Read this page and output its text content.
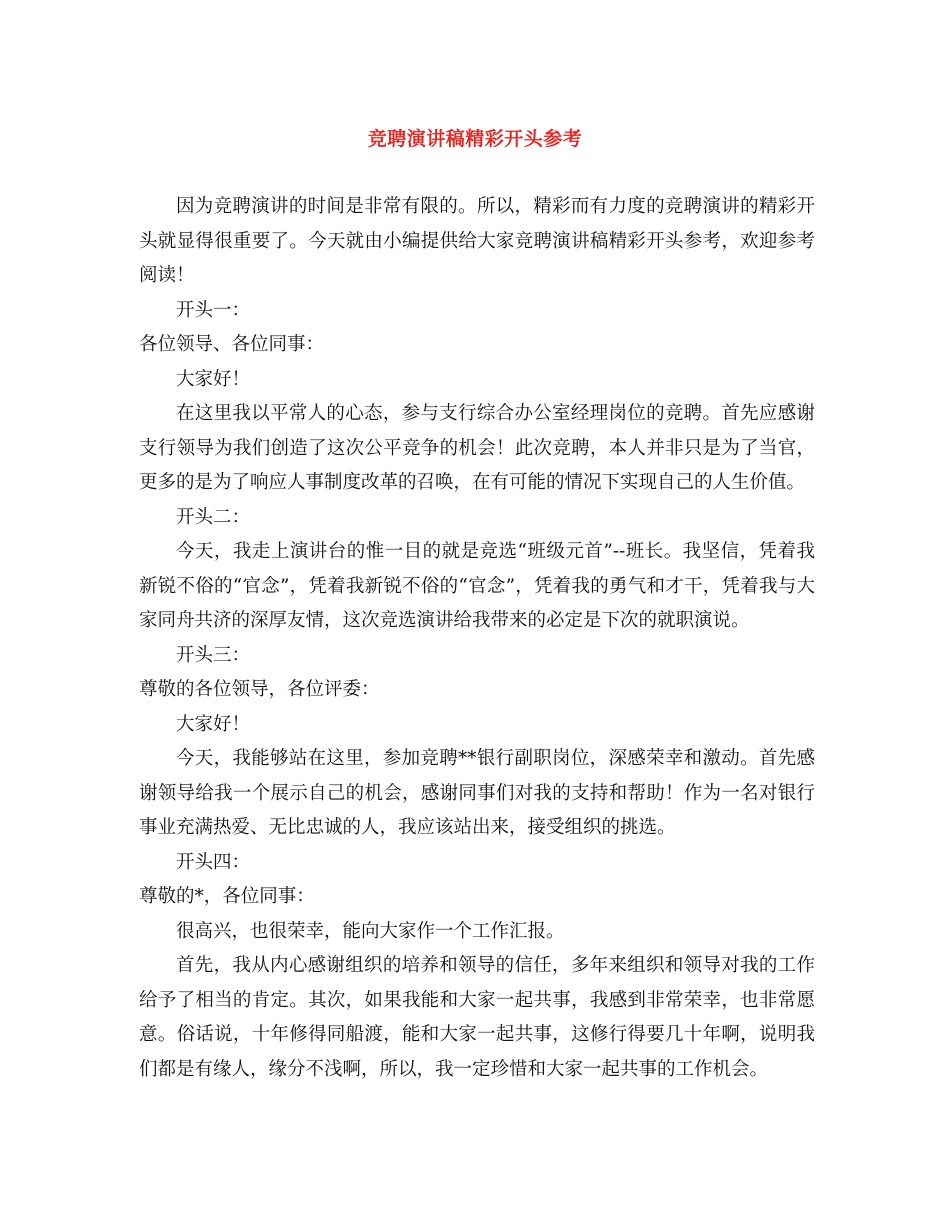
竞聘演讲稿精彩开头参考

因为竞聘演讲的时间是非常有限的。所以，精彩而有力度的竞聘演讲的精彩开头就显得很重要了。今天就由小编提供给大家竞聘演讲稿精彩开头参考，欢迎参考阅读！

开头一：

各位领导、各位同事：

大家好！

在这里我以平常人的心态，参与支行综合办公室经理岗位的竞聘。首先应感谢支行领导为我们创造了这次公平竞争的机会！此次竞聘，本人并非只是为了当官，更多的是为了响应人事制度改革的召唤，在有可能的情况下实现自己的人生价值。

开头二：

今天，我走上演讲台的惟一目的就是竞选“班级元首”--班长。我坚信，凭着我新锐不俗的“官念”，凭着我新锐不俗的“官念”，凭着我的勇气和才干，凭着我与大家同舟共济的深厚友情，这次竞选演讲给我带来的必定是下次的就职演说。

开头三：

尊敬的各位领导，各位评委：

大家好！

今天，我能够站在这里，参加竞聘**银行副职岗位，深感荣幸和激动。首先感谢领导给我一个展示自己的机会，感谢同事们对我的支持和帮助！作为一名对银行事业充满热爱、无比忠诚的人，我应该站出来，接受组织的挑选。

开头四：

尊敬的*，各位同事：

很高兴，也很荣幸，能向大家作一个工作汇报。

首先，我从内心感谢组织的培养和领导的信任，多年来组织和领导对我的工作给予了相当的肯定。其次，如果我能和大家一起共事，我感到非常荣幸，也非常愿意。俗话说，十年修得同船渡，能和大家一起共事，这修行得要几十年啊，说明我们都是有缘人，缘分不浅啊，所以，我一定珍惜和大家一起共事的工作机会。
